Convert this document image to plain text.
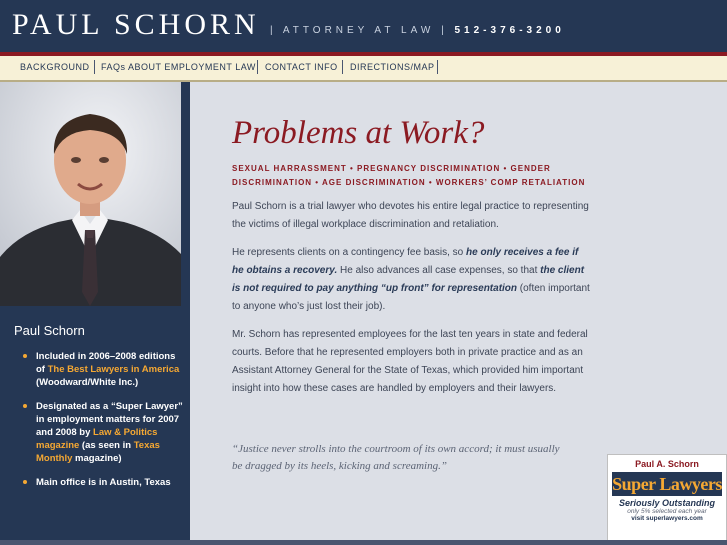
PAUL SCHORN | ATTORNEY AT LAW | 512-376-3200
BACKGROUND FAQs ABOUT EMPLOYMENT LAW CONTACT INFO DIRECTIONS/MAP
Paul Schorn
Included in 2006–2008 editions of The Best Lawyers in America (Woodward/White Inc.)
Designated as a “Super Lawyer” in employment matters for 2007 and 2008 by Law & Politics magazine (as seen in Texas Monthly magazine)
Main office is in Austin, Texas
Problems at Work?
SEXUAL HARRASSMENT • PREGNANCY DISCRIMINATION • GENDER DISCRIMINATION • AGE DISCRIMINATION • WORKERS’ COMP RETALIATION

Paul Schorn is a trial lawyer who devotes his entire legal practice to representing the victims of illegal workplace discrimination and retaliation.

He represents clients on a contingency fee basis, so he only receives a fee if he obtains a recovery. He also advances all case expenses, so that the client is not required to pay anything “up front” for representation (often important to anyone who’s just lost their job).

Mr. Schorn has represented employees for the last ten years in state and federal courts. Before that he represented employers both in private practice and as an Assistant Attorney General for the State of Texas, which provided him important insight into how these cases are handled by employers and their lawyers.

“Justice never strolls into the courtroom of its own accord; it must usually be dragged by its heels, kicking and screaming.”	Paul A. Schorn
Super Lawyers
Seriously Outstanding
only 5% selected each year
visit superlawyers.com
